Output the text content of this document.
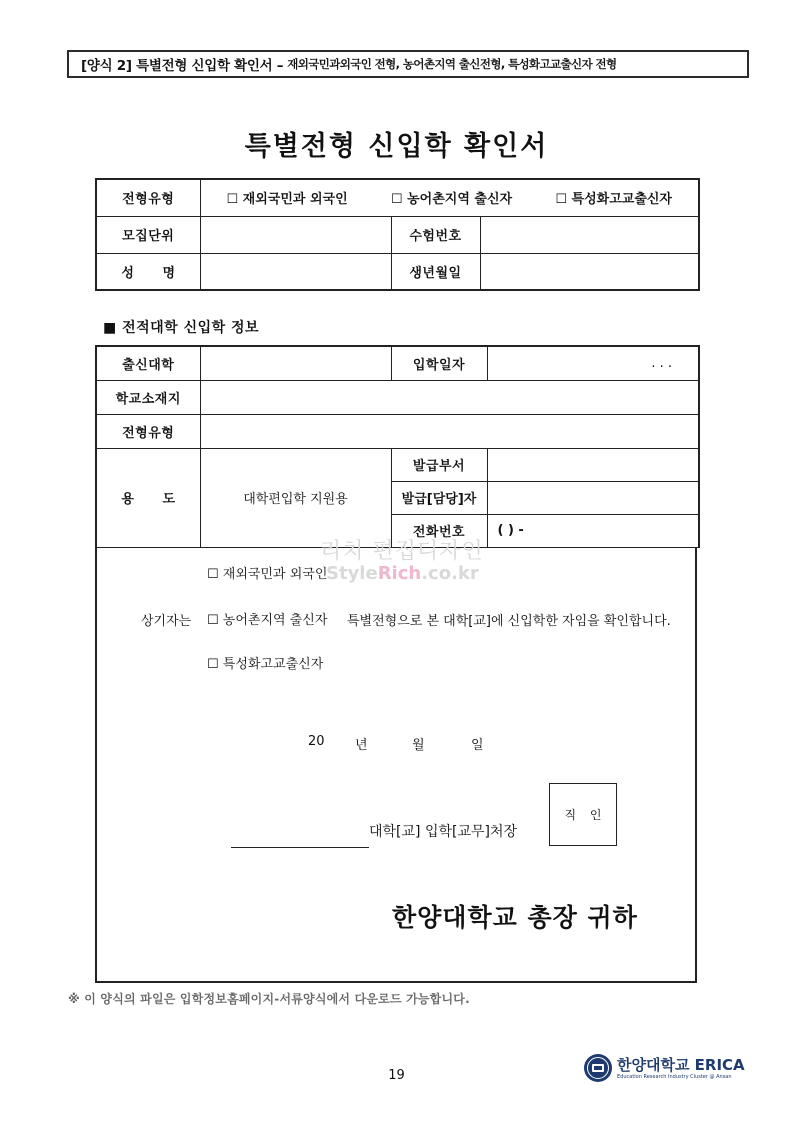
[양식 2] 특별전형 신입학 확인서 – 재외국민과외국인 전형, 농어촌지역 출신전형, 특성화고교출신자 전형
특별전형 신입학 확인서
전형유형	☐ 재외국민과 외국인 ☐ 농어촌지역 출신자 ☐ 특성화고교출신자		

모집단위		수험번호	
성 명		생년월일	
■ 전적대학 신입학 정보
출신대학		입학일자	. . .
학교소재지			
전형유형			
용 도	대학편입학 지원용	발급부서	
		발급[담당]자	
		전화번호	( ) -
상기자는
☐ 재외국민과 외국인
☐ 농어촌지역 출신자
☐ 특성화고교출신자
특별전형으로 본 대학[교]에 신입학한 자임을 확인합니다.
20 년	월	일
대학[교] 입학[교무]처장
직 인
한양대학교 총장 귀하
리치 편집디자인
StyleRich.co.kr
※ 이 양식의 파일은 입학정보홈페이지-서류양식에서 다운로드 가능합니다.
19
한양대학교 ERICA
Education Research Industry Cluster @ Ansan
